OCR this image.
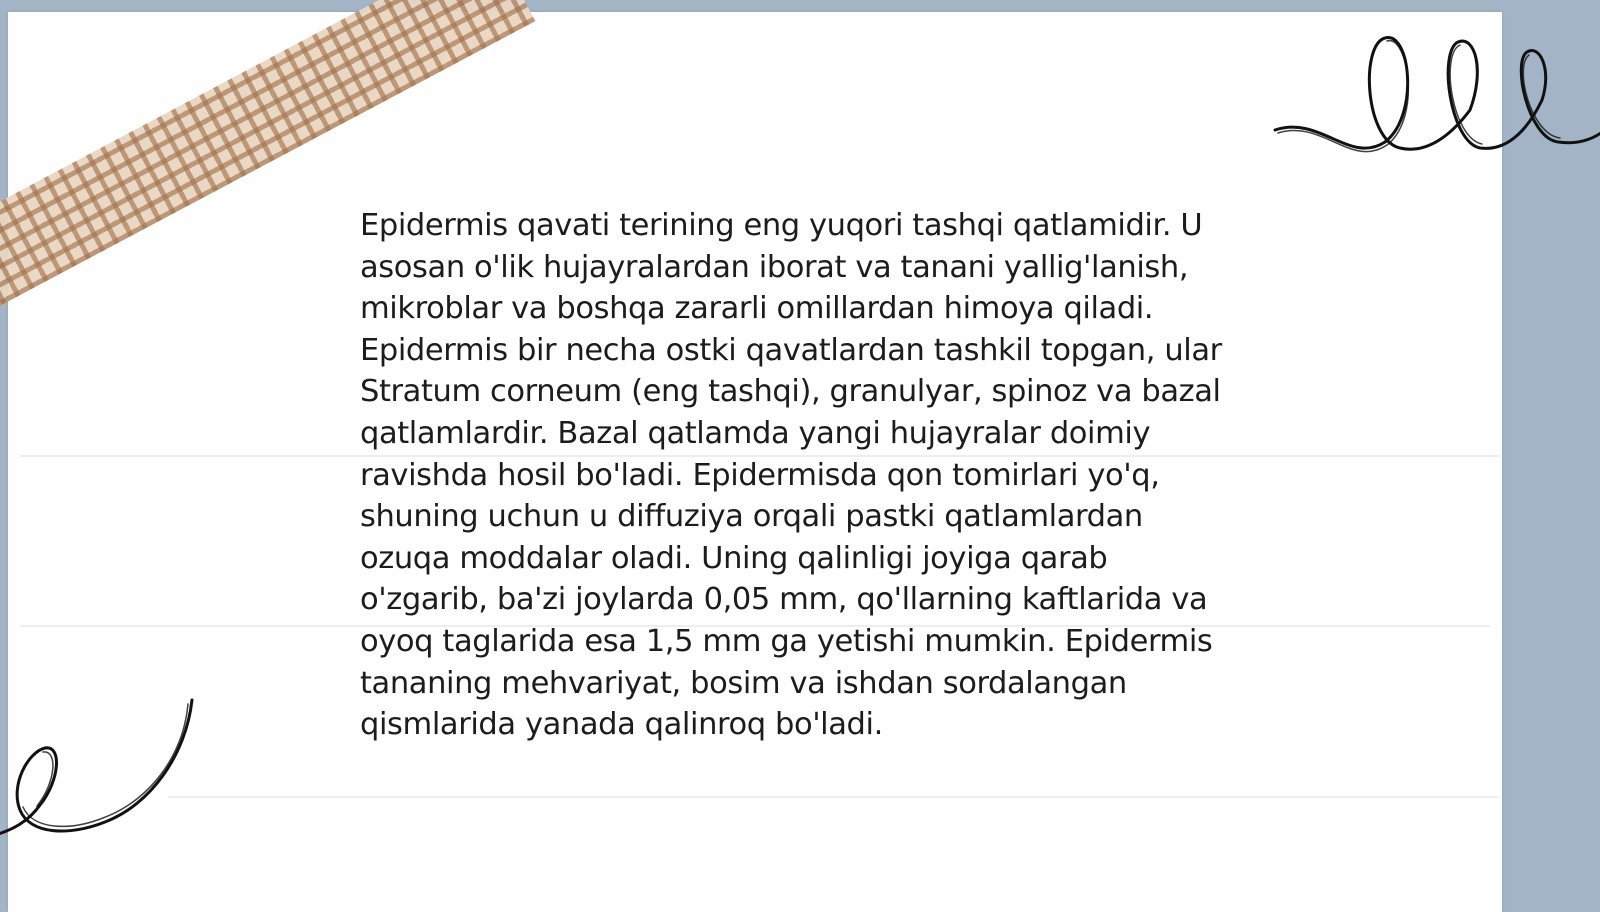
Epidermis qavati terining eng yuqori tashqi qatlamidir. U asosan o'lik hujayralardan iborat va tanani yallig'lanish, mikroblar va boshqa zararli omillardan himoya qiladi. Epidermis bir necha ostki qavatlardan tashkil topgan, ular Stratum corneum (eng tashqi), granulyar, spinoz va bazal qatlamlardir. Bazal qatlamda yangi hujayralar doimiy ravishda hosil bo'ladi. Epidermisda qon tomirlari yo'q, shuning uchun u diffuziya orqali pastki qatlamlardan ozuqa moddalar oladi. Uning qalinligi joyiga qarab o'zgarib, ba'zi joylarda 0,05 mm, qo'llarning kaftlarida va oyoq taglarida esa 1,5 mm ga yetishi mumkin. Epidermis tananing mehvariyat, bosim va ishdan sordalangan qismlarida yanada qalinroq bo'ladi.
